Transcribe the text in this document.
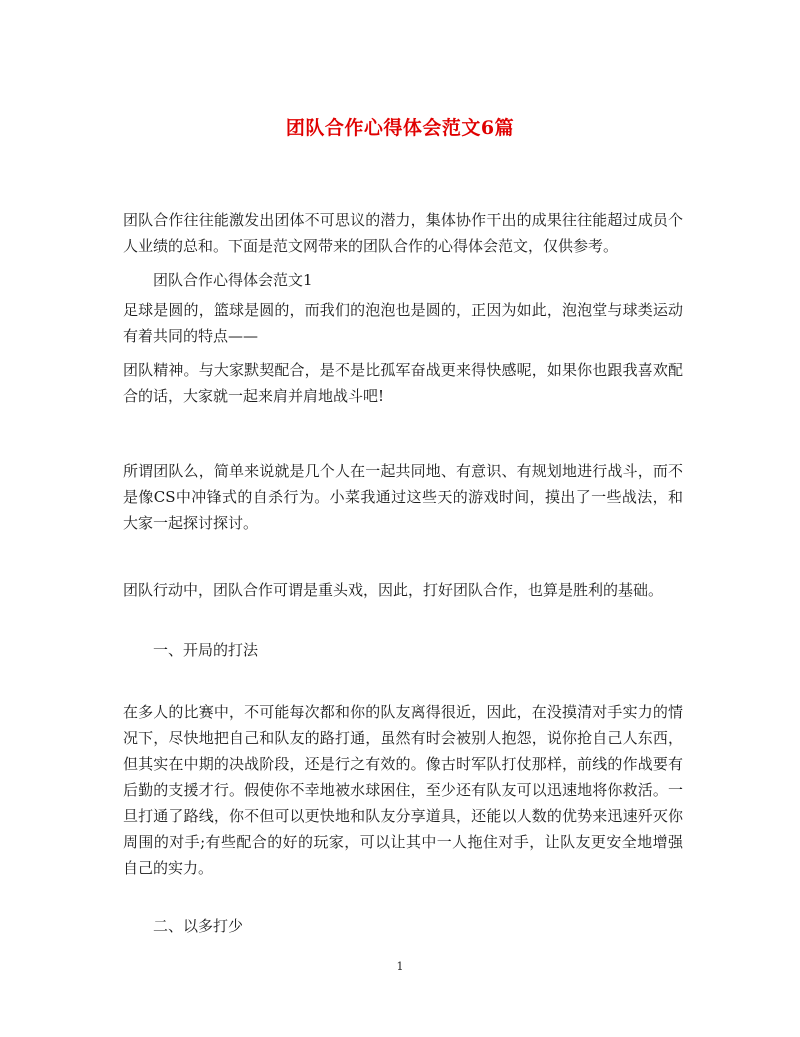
团队合作心得体会范文6篇
团队合作往往能激发出团体不可思议的潜力，集体协作干出的成果往往能超过成员个人业绩的总和。下面是范文网带来的团队合作的心得体会范文，仅供参考。
团队合作心得体会范文1
足球是圆的，篮球是圆的，而我们的泡泡也是圆的，正因为如此，泡泡堂与球类运动有着共同的特点——
团队精神。与大家默契配合，是不是比孤军奋战更来得快感呢，如果你也跟我喜欢配合的话，大家就一起来肩并肩地战斗吧!
所谓团队么，简单来说就是几个人在一起共同地、有意识、有规划地进行战斗，而不是像CS中冲锋式的自杀行为。小菜我通过这些天的游戏时间，摸出了一些战法，和大家一起探讨探讨。
团队行动中，团队合作可谓是重头戏，因此，打好团队合作，也算是胜利的基础。
一、开局的打法
在多人的比赛中，不可能每次都和你的队友离得很近，因此，在没摸清对手实力的情况下，尽快地把自己和队友的路打通，虽然有时会被别人抱怨，说你抢自己人东西，但其实在中期的决战阶段，还是行之有效的。像古时军队打仗那样，前线的作战要有后勤的支援才行。假使你不幸地被水球困住，至少还有队友可以迅速地将你救活。一旦打通了路线，你不但可以更快地和队友分享道具，还能以人数的优势来迅速歼灭你周围的对手;有些配合的好的玩家，可以让其中一人拖住对手，让队友更安全地增强自己的实力。
二、以多打少
1
